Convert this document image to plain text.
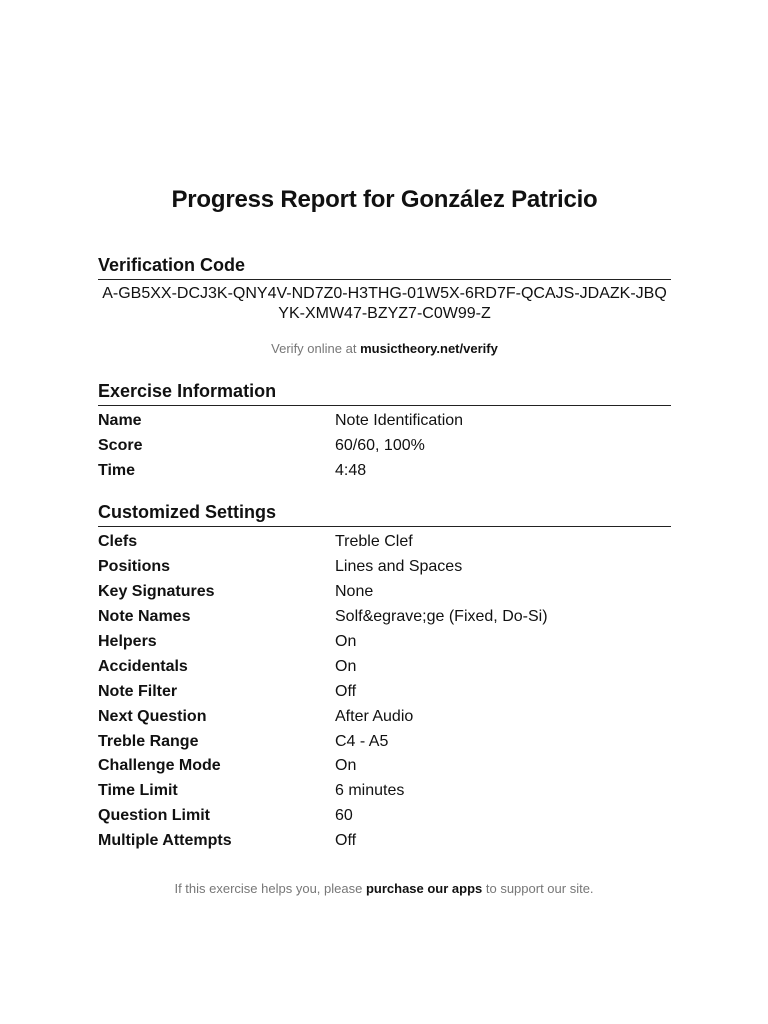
Progress Report for González Patricio
Verification Code
A-GB5XX-DCJ3K-QNY4V-ND7Z0-H3THG-01W5X-6RD7F-QCAJS-JDAZK-JBQYK-XMW47-BZYZ7-C0W99-Z
Verify online at musictheory.net/verify
Exercise Information
Name	Note Identification
Score	60/60, 100%
Time	4:48
Customized Settings
Clefs	Treble Clef
Positions	Lines and Spaces
Key Signatures	None
Note Names	Solf&egrave;ge (Fixed, Do-Si)
Helpers	On
Accidentals	On
Note Filter	Off
Next Question	After Audio
Treble Range	C4 - A5
Challenge Mode	On
Time Limit	6 minutes
Question Limit	60
Multiple Attempts	Off
If this exercise helps you, please purchase our apps to support our site.
